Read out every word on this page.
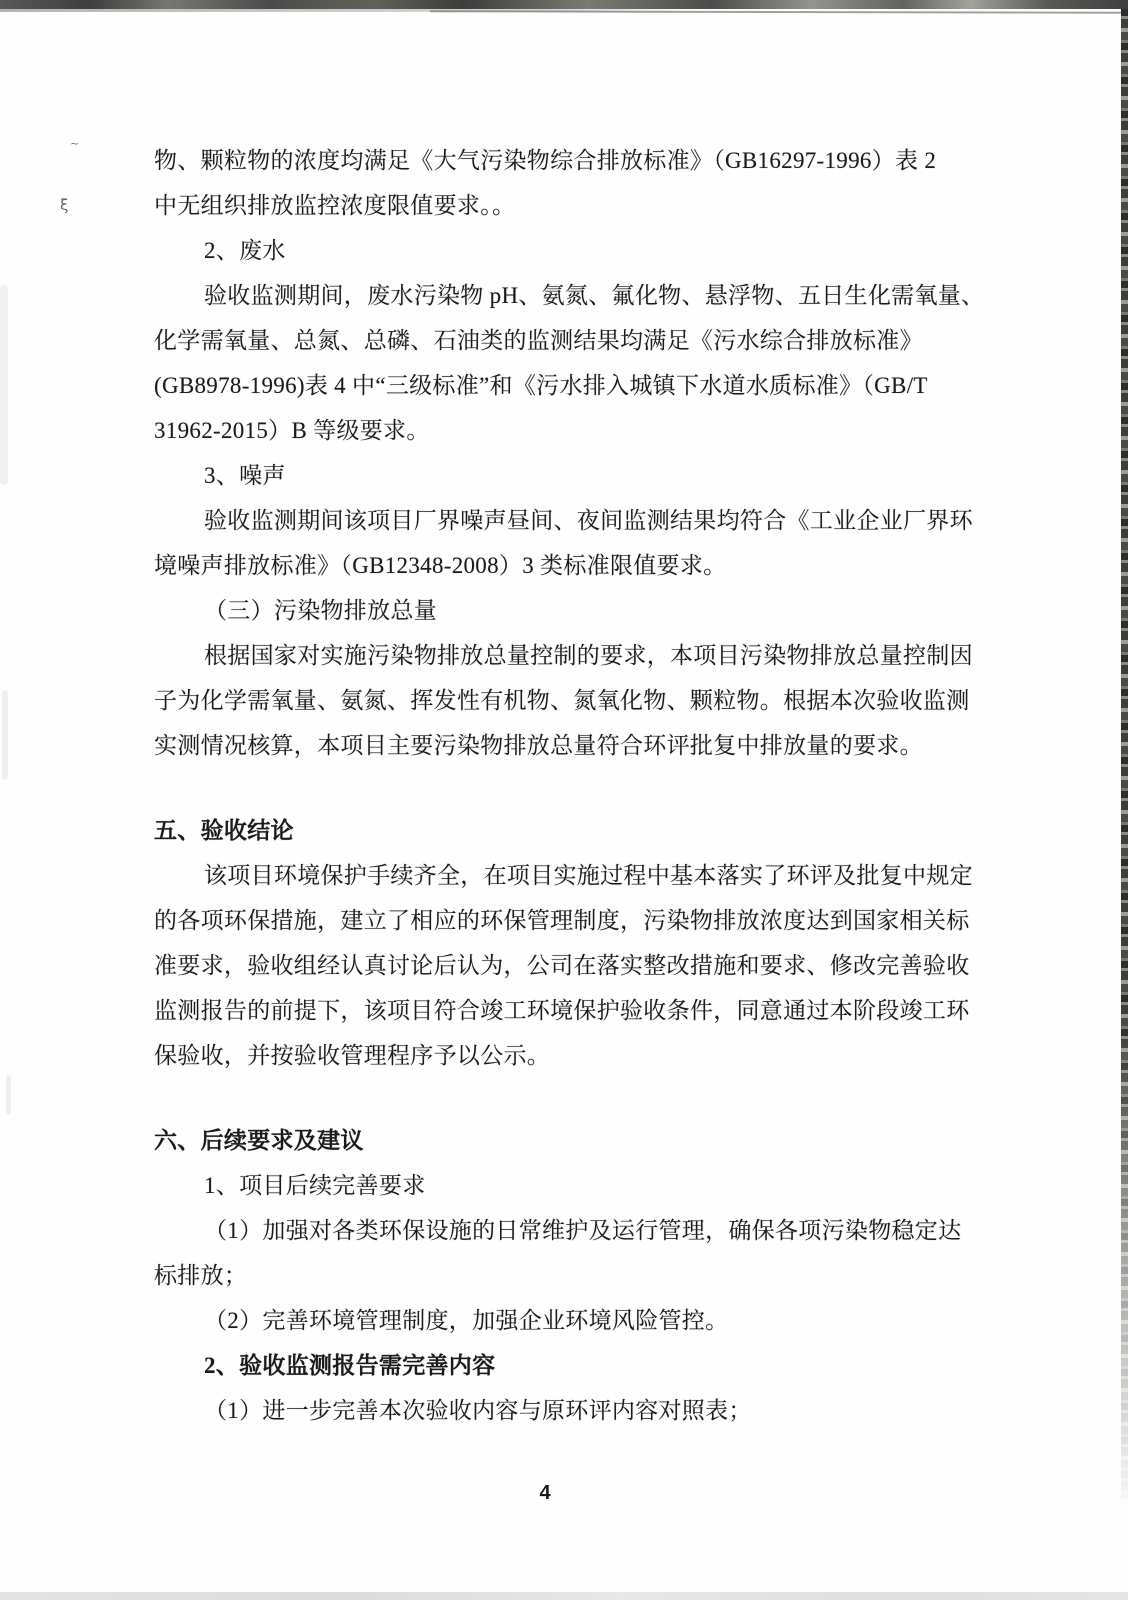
~
ξ
物、颗粒物的浓度均满足《大气污染物综合排放标准》（GB16297-1996）表 2
中无组织排放监控浓度限值要求。。
2、废水
验收监测期间，废水污染物 pH、氨氮、氟化物、悬浮物、五日生化需氧量、
化学需氧量、总氮、总磷、石油类的监测结果均满足《污水综合排放标准》
(GB8978-1996)表 4 中“三级标准”和《污水排入城镇下水道水质标准》（GB/T
31962-2015）B 等级要求。
3、噪声
验收监测期间该项目厂界噪声昼间、夜间监测结果均符合《工业企业厂界环
境噪声排放标准》（GB12348-2008）3 类标准限值要求。
（三）污染物排放总量
根据国家对实施污染物排放总量控制的要求，本项目污染物排放总量控制因
子为化学需氧量、氨氮、挥发性有机物、氮氧化物、颗粒物。根据本次验收监测
实测情况核算，本项目主要污染物排放总量符合环评批复中排放量的要求。
五、验收结论
该项目环境保护手续齐全，在项目实施过程中基本落实了环评及批复中规定
的各项环保措施，建立了相应的环保管理制度，污染物排放浓度达到国家相关标
准要求，验收组经认真讨论后认为，公司在落实整改措施和要求、修改完善验收
监测报告的前提下，该项目符合竣工环境保护验收条件，同意通过本阶段竣工环
保验收，并按验收管理程序予以公示。
六、后续要求及建议
1、项目后续完善要求
（1）加强对各类环保设施的日常维护及运行管理，确保各项污染物稳定达
标排放；
（2）完善环境管理制度，加强企业环境风险管控。
2、验收监测报告需完善内容
（1）进一步完善本次验收内容与原环评内容对照表；
4
